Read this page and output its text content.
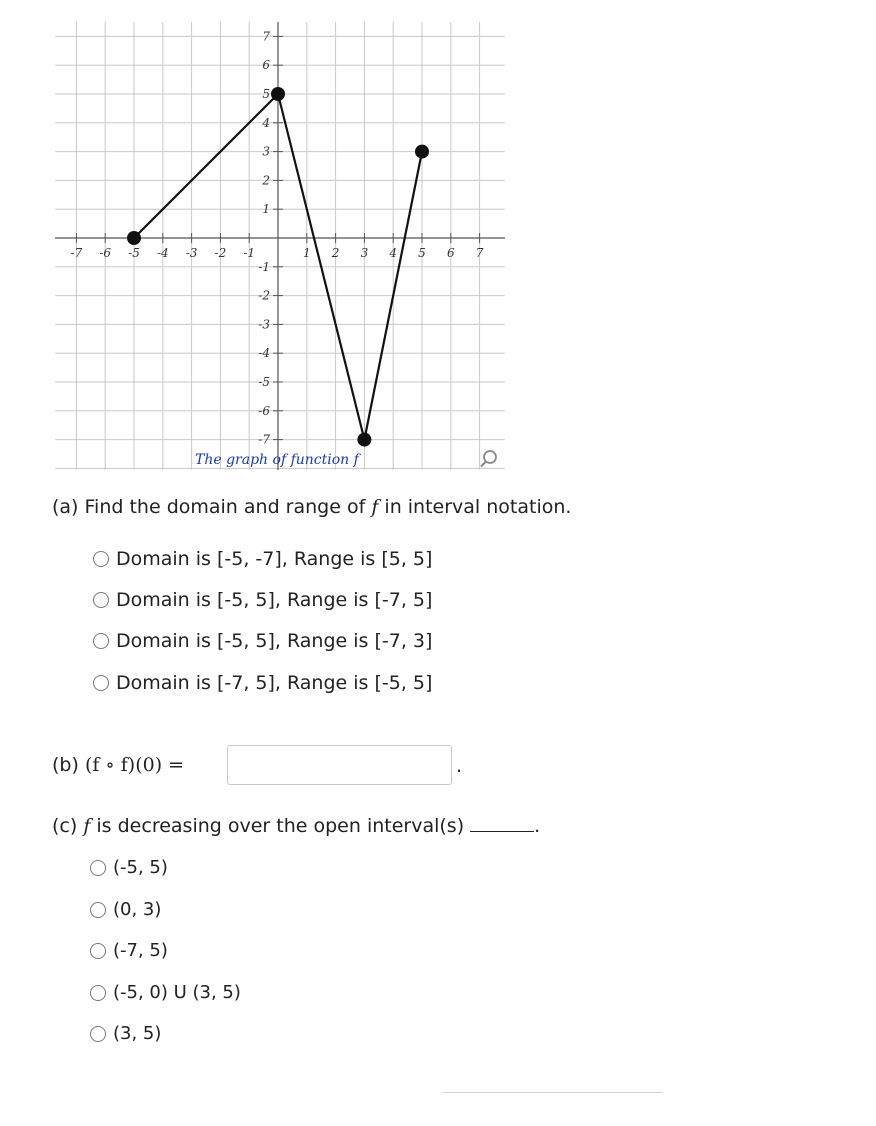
-7 -6 -5 -4 -3 -2 -1	1 2 3 4 5 6 7
7
6
5
4
3
2
1
-1
-2
-3
-4
-5
-6
-7
The graph of function f
(a) Find the domain and range of f in interval notation.
Domain is [-5, -7], Range is [5, 5]
Domain is [-5, 5], Range is [-7, 5]
Domain is [-5, 5], Range is [-7, 3]
Domain is [-7, 5], Range is [-5, 5]
(b) (f ∘ f)(0) =	.
(c) f is decreasing over the open interval(s)	.
(-5, 5)
(0, 3)
(-7, 5)
(-5, 0) U (3, 5)
(3, 5)
